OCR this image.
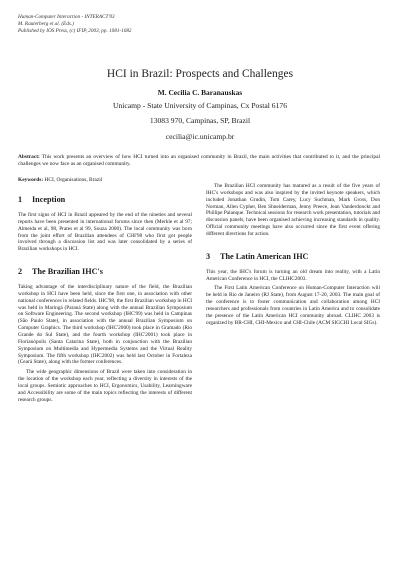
Human-Computer Interaction - INTERACT'03
M. Rauterberg et al. (Eds.)
Published by IOS Press, (c) IFIP, 2003, pp. 1081-1082
HCI in Brazil: Prospects and Challenges
M. Cecilia C. Baranauskas
Unicamp - State University of Campinas, Cx Postal 6176
13083 970, Campinas, SP, Brazil
cecilia@ic.unicamp.br
Abstract: This work presents an overview of how HCI turned into an organised community in Brazil, the main activities that contributed to it, and the principal challenges we now face as an organised community.
Keywords: HCI, Organisations, Brazil
1 Inception

The first signs of HCI in Brazil appeared by the end of the nineties and several reports have been presented in international forums since then (Merkle et al 97; Almeida et al, 98, Prates et al 99, Souza 2000). The local community was born from the joint effort of Brazilian attendees of CHI'98 who first got people involved through a discussion list and was later consolidated by a series of Brazilian workshops in HCI.

2 The Brazilian IHC's

Taking advantage of the interdisciplinary nature of the field, the Brazilian workshop in HCI have been held, since the first one, in association with other national conferences in related fields. IHC'98, the first Brazilian workshop in HCI was held in Maringá (Paraná State) along with the annual Brazilian Symposium on Software Engineering. The second workshop (IHC'99) was held in Campinas (São Paulo State), in association with the annual Brazilian Symposium on Computer Graphics. The third workshop (IHC'2000) took place in Gramado (Rio Grande do Sul State), and the fourth workshop (IHC'2001) took place in Florianópolis (Santa Catarina State), both in conjunction with the Brazilian Symposium on Multimedia and Hypermedia Systems and the Virtual Reality Symposium. The fifth workshop (IHC2002) was held last October in Fortaleza (Ceará State), along with the former conferences.

The wide geographic dimensions of Brazil were taken into consideration in the location of the workshop each year, reflecting a diversity in interests of the local groups. Semiotic approaches to HCI, Ergonomics, Usability, Learningware and Accessibility are some of the main topics reflecting the interests of different research groups.

The Brazilian HCI community has matured as a result of the five years of IHC's workshops and was also inspired by the invited keynote speakers, which included Jonathan Grudin, Tom Carey, Lucy Suchman, Mark Gross, Don Norman, Allen Cypher, Ben Shneiderman, Jenny Preece, Jean Vanderdonckt and Phillipe Palanque. Technical sessions for research work presentation, tutorials and discussion panels, have been organised achieving increasing standards in quality. Official community meetings have also occurred since the first event offering different directions for action.

3 The Latin American IHC

This year, the IHC's forum is turning an old dream into reality, with a Latin American Conference in HCI, the CLIHC2003.

The First Latin American Conference on Human-Computer Interaction will be held in Rio de Janeiro (RJ State), from August 17-20, 2003. The main goal of the conference is to foster communication and collaboration among HCI researchers and professionals from countries in Latin America and to consolidate the presence of the Latin American HCI community abroad. CLIHC 2003 is organized by BR-CHI, CHI-Mexico and CHI-Chile (ACM SIGCHI Local SIGs).
